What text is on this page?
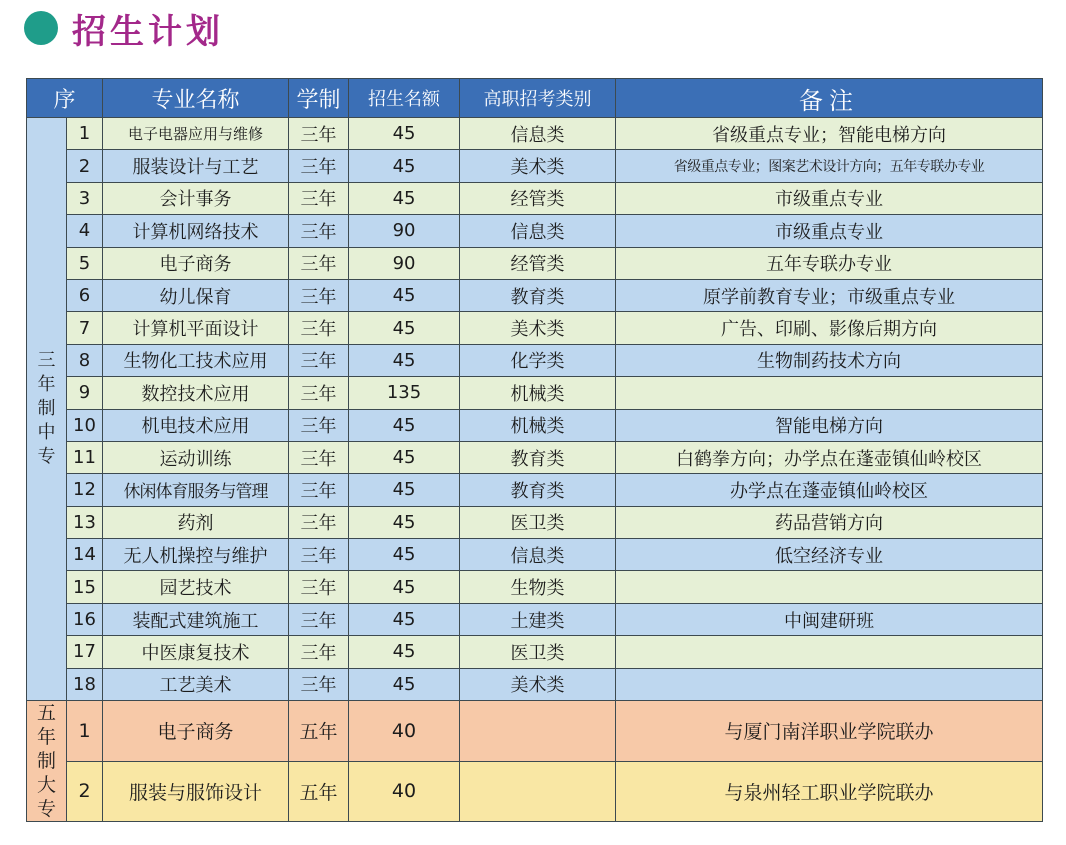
招生计划
序		专业名称	学制	招生名额	高职招考类别	备注
三年制中专	1	电子电器应用与维修	三年	45	信息类	省级重点专业；智能电梯方向
	2	服装设计与工艺	三年	45	美术类	省级重点专业；图案艺术设计方向；五年专联办专业
	3	会计事务	三年	45	经管类	市级重点专业
	4	计算机网络技术	三年	90	信息类	市级重点专业
	5	电子商务	三年	90	经管类	五年专联办专业
	6	幼儿保育	三年	45	教育类	原学前教育专业；市级重点专业
	7	计算机平面设计	三年	45	美术类	广告、印刷、影像后期方向
	8	生物化工技术应用	三年	45	化学类	生物制药技术方向
	9	数控技术应用	三年	135	机械类	
	10	机电技术应用	三年	45	机械类	智能电梯方向
	11	运动训练	三年	45	教育类	白鹤拳方向；办学点在蓬壶镇仙岭校区
	12	休闲体育服务与管理	三年	45	教育类	办学点在蓬壶镇仙岭校区
	13	药剂	三年	45	医卫类	药品营销方向
	14	无人机操控与维护	三年	45	信息类	低空经济专业
	15	园艺技术	三年	45	生物类	
	16	装配式建筑施工	三年	45	土建类	中闽建研班
	17	中医康复技术	三年	45	医卫类	
	18	工艺美术	三年	45	美术类	
五年制大专	1	电子商务	五年	40		与厦门南洋职业学院联办
	2	服装与服饰设计	五年	40		与泉州轻工职业学院联办
